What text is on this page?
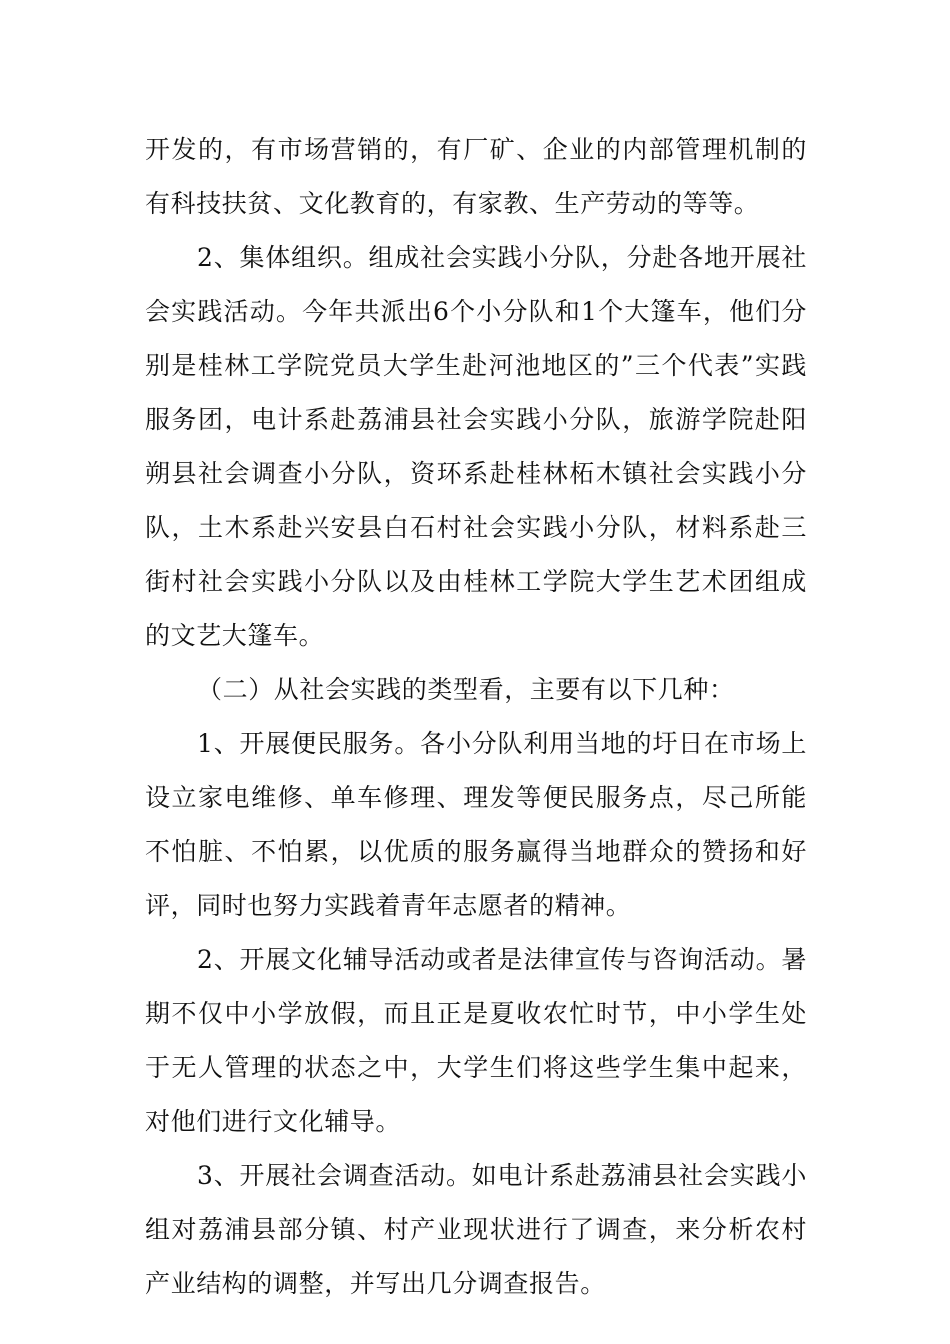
开发的，有市场营销的，有厂矿、企业的内部管理机制的有科技扶贫、文化教育的，有家教、生产劳动的等等。

2、集体组织。组成社会实践小分队，分赴各地开展社会实践活动。今年共派出6个小分队和1个大篷车，他们分别是桂林工学院党员大学生赴河池地区的”三个代表”实践服务团，电计系赴荔浦县社会实践小分队，旅游学院赴阳朔县社会调查小分队，资环系赴桂林柘木镇社会实践小分队，土木系赴兴安县白石村社会实践小分队，材料系赴三街村社会实践小分队以及由桂林工学院大学生艺术团组成的文艺大篷车。

（二）从社会实践的类型看，主要有以下几种：

1、开展便民服务。各小分队利用当地的圩日在市场上设立家电维修、单车修理、理发等便民服务点，尽己所能不怕脏、不怕累，以优质的服务赢得当地群众的赞扬和好评，同时也努力实践着青年志愿者的精神。

2、开展文化辅导活动或者是法律宣传与咨询活动。暑期不仅中小学放假，而且正是夏收农忙时节，中小学生处于无人管理的状态之中，大学生们将这些学生集中起来，对他们进行文化辅导。

3、开展社会调查活动。如电计系赴荔浦县社会实践小组对荔浦县部分镇、村产业现状进行了调查，来分析农村产业结构的调整，并写出几分调查报告。
